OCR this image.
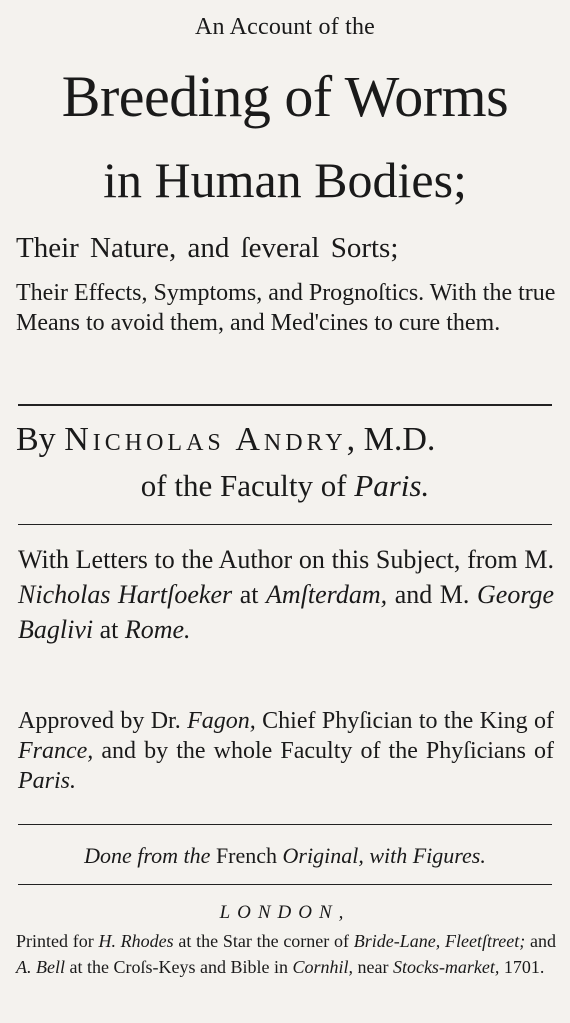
An Account of the
Breeding of Worms
in Human Bodies;
Their Nature, and ſeveral Sorts;
Their Effects, Symptoms, and Prognoſtics. With the true Means to avoid them, and Med'cines to cure them.
By Nicholas Andry, M.D.
of the Faculty of Paris.
With Letters to the Author on this Subject, from M. Nicholas Hartſoeker at Amſterdam, and M. George Baglivi at Rome.
Approved by Dr. Fagon, Chief Phyſician to the King of France, and by the whole Faculty of the Phyſicians of Paris.
Done from the French Original, with Figures.
LONDON,
Printed for H. Rhodes at the Star the corner of Bride-Lane, Fleetſtreet; and A. Bell at the Croſs-Keys and Bible in Cornhil, near Stocks-market, 1701.
